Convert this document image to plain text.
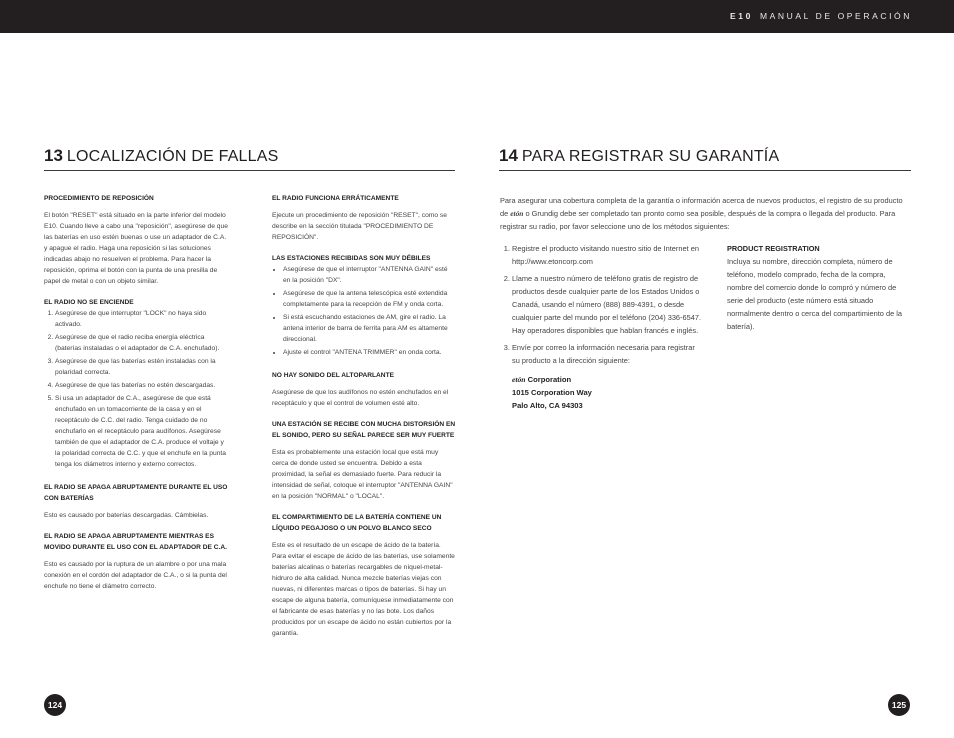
E10 MANUAL DE OPERACIÓN
13 LOCALIZACIÓN DE FALLAS
PROCEDIMIENTO DE REPOSICIÓN

El botón "RESET" está situado en la parte inferior del modelo E10. Cuando lleve a cabo una "reposición", asegúrese de que las baterías en uso estén buenas o use un adaptador de C.A. y apague el radio. Haga una reposición si las soluciones indicadas abajo no resuelven el problema. Para hacer la reposición, oprima el botón con la punta de una presilla de papel de metal o con un objeto similar.

EL RADIO NO SE ENCIENDE
1. Asegúrese de que interruptor "LOCK" no haya sido activado.
2. Asegúrese de que el radio reciba energía eléctrica (baterías instaladas o el adaptador de C.A. enchufado).
3. Asegúrese de que las baterías estén instaladas con la polaridad correcta.
4. Asegúrese de que las baterías no estén descargadas.
5. Si usa un adaptador de C.A., asegúrese de que está enchufado en un tomacorriente de la casa y en el receptáculo de C.C. del radio. Tenga cuidado de no enchufarlo en el receptáculo para audífonos. Asegúrese también de que el adaptador de C.A. produce el voltaje y la polaridad correcta de C.C. y que el enchufe en la punta tenga los diámetros interno y externo correctos.
EL RADIO SE APAGA ABRUPTAMENTE DURANTE EL USO CON BATERÍAS

Esto es causado por baterías descargadas. Cámbielas.

EL RADIO SE APAGA ABRUPTAMENTE MIENTRAS ES MOVIDO DURANTE EL USO CON EL ADAPTADOR DE C.A.

Esto es causado por la ruptura de un alambre o por una mala conexión en el cordón del adaptador de C.A., o si la punta del enchufe no tiene el diámetro correcto.

EL RADIO FUNCIONA ERRÁTICAMENTE

Ejecute un procedimiento de reposición "RESET", como se describe en la sección titulada "PROCEDIMIENTO DE REPOSICIÓN".

LAS ESTACIONES RECIBIDAS SON MUY DÉBILES
• Asegúrese de que el interruptor "ANTENNA GAIN" esté en la posición "DX".
• Asegúrese de que la antena telescópica esté extendida completamente para la recepción de FM y onda corta.
• Si está escuchando estaciones de AM, gire el radio. La antena interior de barra de ferrita para AM es altamente direccional.
• Ajuste el control "ANTENA TRIMMER" en onda corta.
NO HAY SONIDO DEL ALTOPARLANTE

Asegúrese de que los audífonos no estén enchufados en el receptáculo y que el control de volumen esté alto.

UNA ESTACIÓN SE RECIBE CON MUCHA DISTORSIÓN EN EL SONIDO, PERO SU SEÑAL PARECE SER MUY FUERTE

Esta es probablemente una estación local que está muy cerca de donde usted se encuentra. Debido a esta proximidad, la señal es demasiado fuerte. Para reducir la intensidad de señal, coloque el interruptor "ANTENNA GAIN" en la posición "NORMAL" o "LOCAL".

EL COMPARTIMIENTO DE LA BATERÍA CONTIENE UN LÍQUIDO PEGAJOSO O UN POLVO BLANCO SECO

Este es el resultado de un escape de ácido de la batería. Para evitar el escape de ácido de las baterías, use solamente baterías alcalinas o baterías recargables de níquel-metal-hidruro de alta calidad. Nunca mezcle baterías viejas con nuevas, ni diferentes marcas o tipos de baterías. Si hay un escape de alguna batería, comuníquese inmediatamente con el fabricante de esas baterías y no las bote. Los daños producidos por un escape de ácido no están cubiertos por la garantía.

124
14 PARA REGISTRAR SU GARANTÍA
Para asegurar una cobertura completa de la garantía o información acerca de nuevos productos, el registro de su producto de etón o Grundig debe ser completado tan pronto como sea posible, después de la compra o llegada del producto. Para registrar su radio, por favor seleccione uno de los métodos siguientes:
1. Registre el producto visitando nuestro sitio de Internet en http://www.etoncorp.com
2. Llame a nuestro número de teléfono gratis de registro de productos desde cualquier parte de los Estados Unidos o Canadá, usando el número (888) 889-4391, o desde cualquier parte del mundo por el teléfono (204) 336-6547. Hay operadores disponibles que hablan francés e inglés.
3. Envíe por correo la información necesaria para registrar su producto a la dirección siguiente:
etón Corporation
1015 Corporation Way
Palo Alto, CA 94303
PRODUCT REGISTRATION

Incluya su nombre, dirección completa, número de teléfono, modelo comprado, fecha de la compra, nombre del comercio donde lo compró y número de serie del producto (este número está situado normalmente dentro o cerca del compartimiento de la batería).

125
